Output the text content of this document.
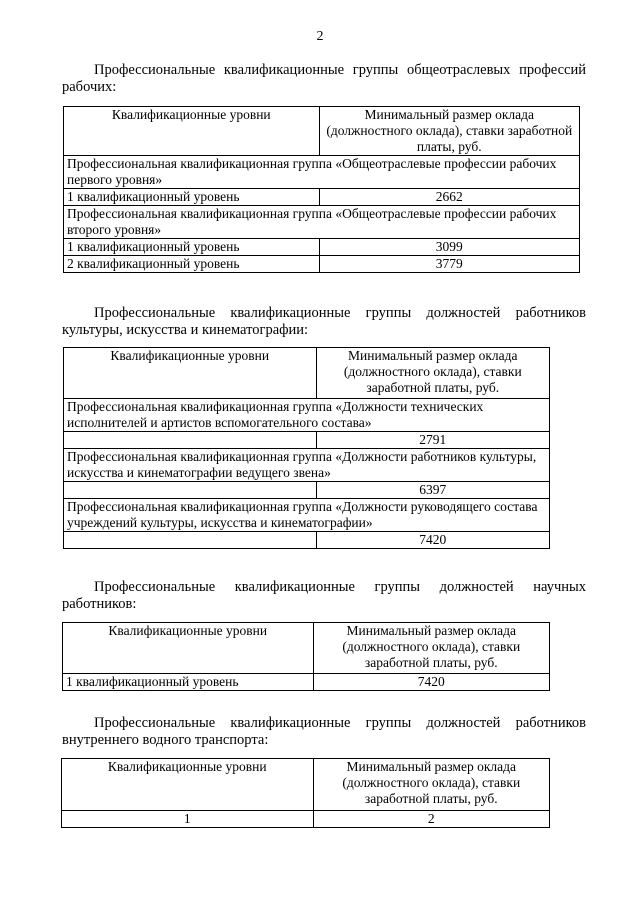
2
Профессиональные квалификационные группы общеотраслевых профессий
рабочих:
Квалификационные уровни	Минимальный размер оклада (должностного оклада), ставки заработной платы, руб.
Профессиональная квалификационная группа «Общеотраслевые профессии рабочих первого уровня»	
1 квалификационный уровень	2662
Профессиональная квалификационная группа «Общеотраслевые профессии рабочих второго уровня»	
1 квалификационный уровень	3099
2 квалификационный уровень	3779
Профессиональные квалификационные группы должностей работников
культуры, искусства и кинематографии:
Квалификационные уровни	Минимальный размер оклада (должностного оклада), ставки заработной платы, руб.
Профессиональная квалификационная группа «Должности технических исполнителей и артистов вспомогательного состава»	
	2791
Профессиональная квалификационная группа «Должности работников культуры, искусства и кинематографии ведущего звена»	
	6397
Профессиональная квалификационная группа «Должности руководящего состава учреждений культуры, искусства и кинематографии»	
	7420
Профессиональные квалификационные группы должностей научных
работников:
Квалификационные уровни	Минимальный размер оклада (должностного оклада), ставки заработной платы, руб.
1 квалификационный уровень	7420
Профессиональные квалификационные группы должностей работников
внутреннего водного транспорта:
Квалификационные уровни	Минимальный размер оклада (должностного оклада), ставки заработной платы, руб.
1	2
